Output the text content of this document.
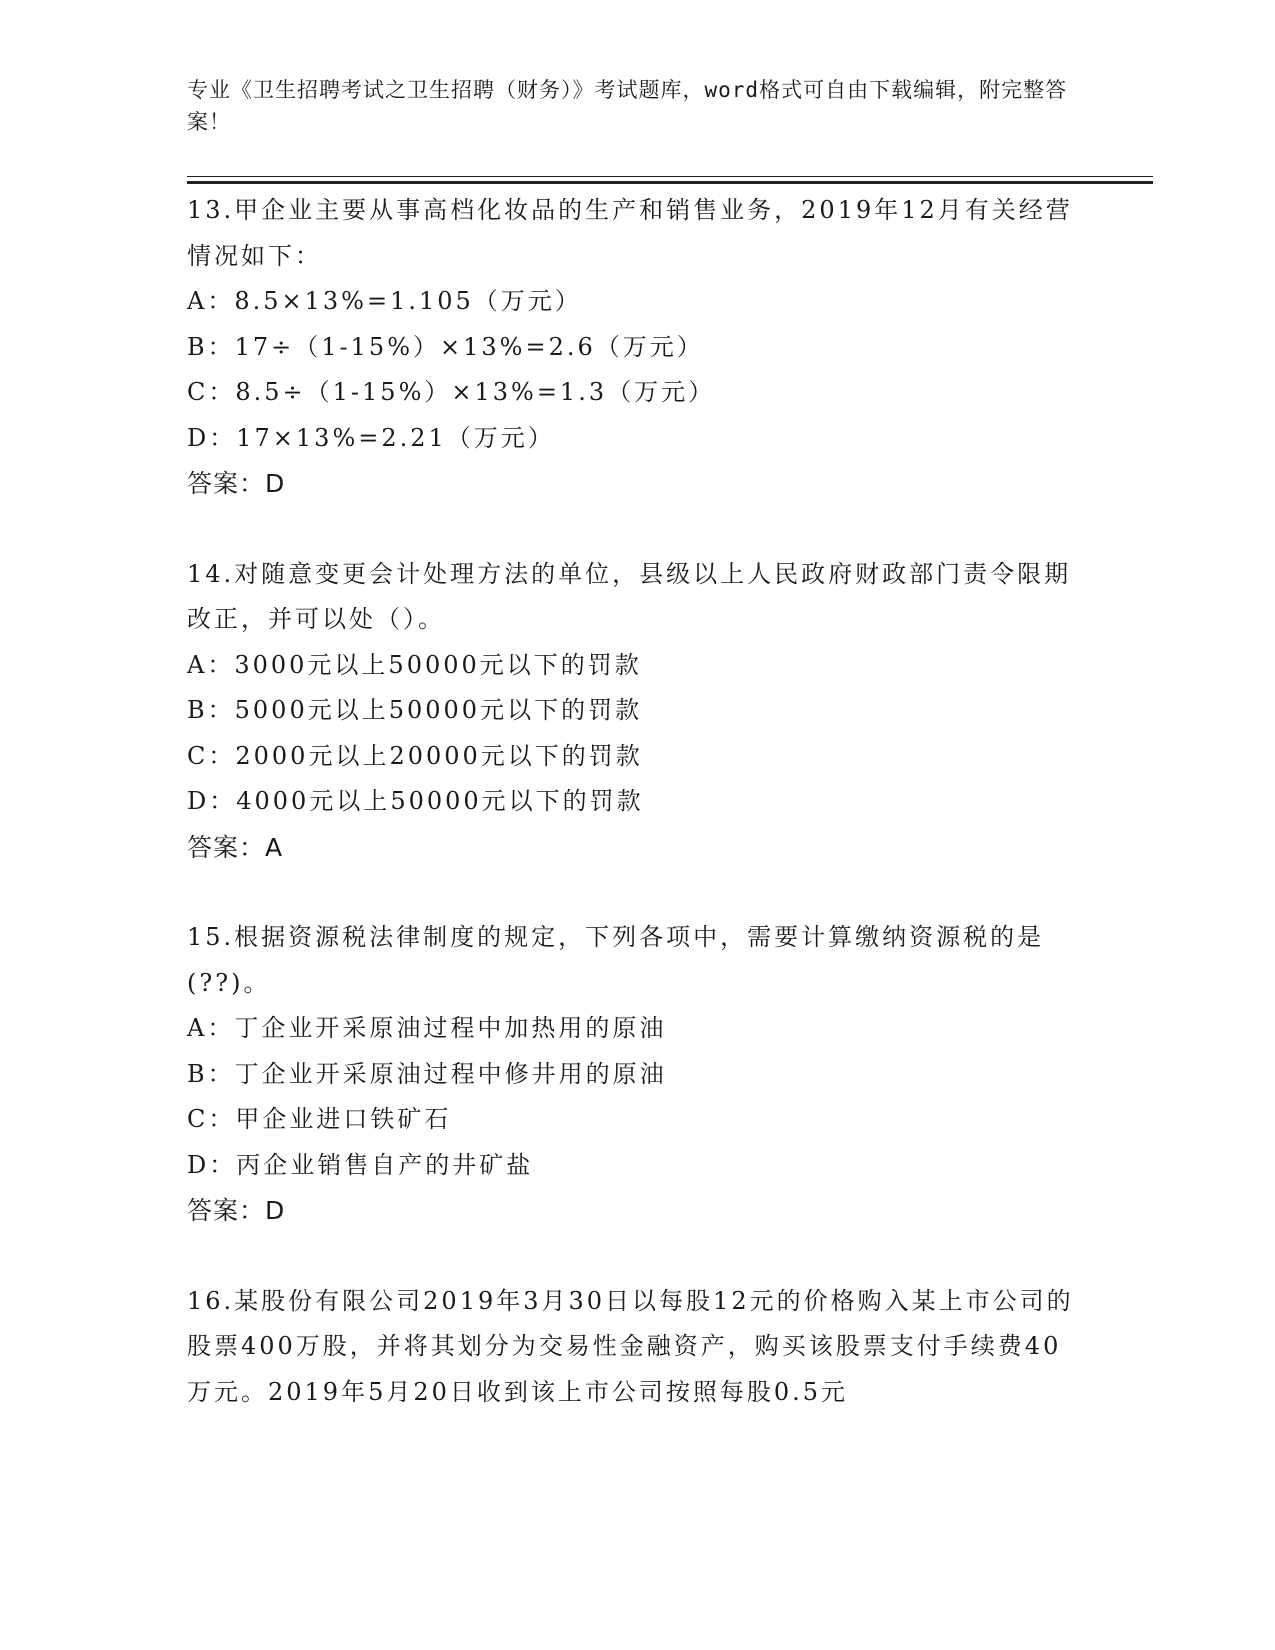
专业《卫生招聘考试之卫生招聘（财务）》考试题库，word格式可自由下载编辑，附完整答案！
13.甲企业主要从事高档化妆品的生产和销售业务，2019年12月有关经营情况如下：
A ： 8.5×13%=1.105（万元）
B ： 17÷（1-15%）×13%=2.6（万元）
C ： 8.5÷（1-15%）×13%=1.3（万元）
D ： 17×13%=2.21（万元）
答案：D
14.对随意变更会计处理方法的单位，县级以上人民政府财政部门责令限期改正，并可以处（）。
A ： 3000元以上50000元以下的罚款
B ： 5000元以上50000元以下的罚款
C ： 2000元以上20000元以下的罚款
D ： 4000元以上50000元以下的罚款
答案：A
15.根据资源税法律制度的规定，下列各项中，需要计算缴纳资源税的是(??)。
A ： 丁企业开采原油过程中加热用的原油
B ： 丁企业开采原油过程中修井用的原油
C ： 甲企业进口铁矿石
D ： 丙企业销售自产的井矿盐
答案：D
16.某股份有限公司2019年3月30日以每股12元的价格购入某上市公司的股票400万股，并将其划分为交易性金融资产，购买该股票支付手续费40万元。2019年5月20日收到该上市公司按照每股0.5元
